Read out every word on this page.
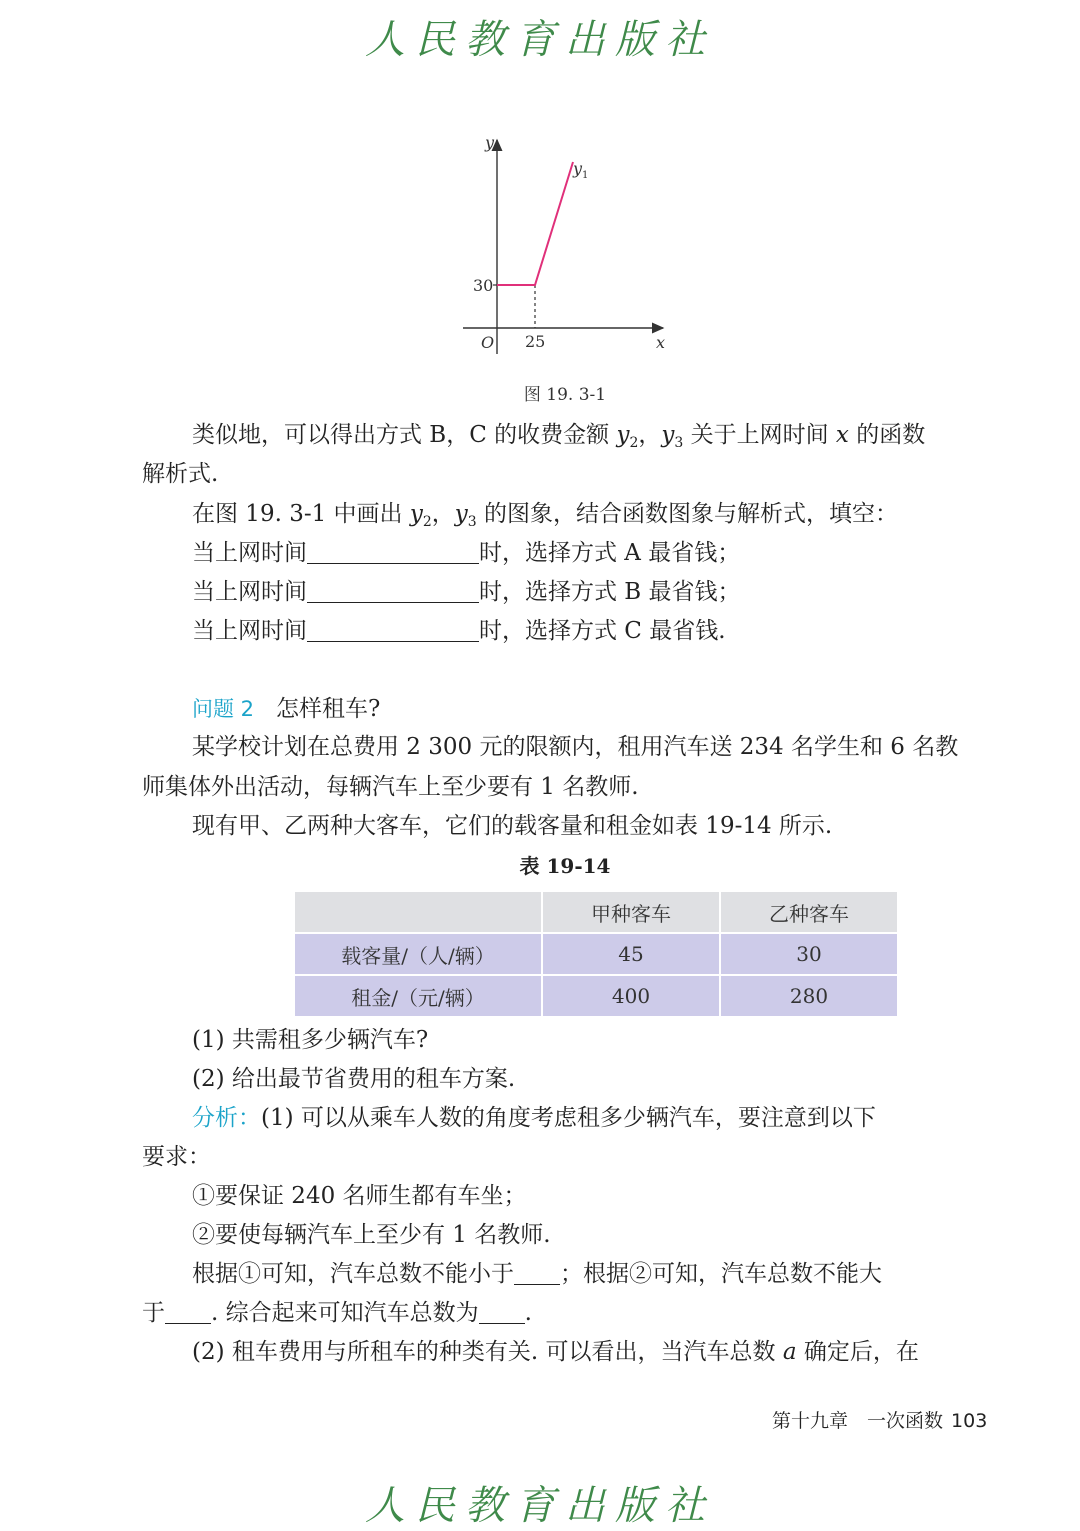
人民教育出版社
人民教育出版社
y
x
O
$y_1$
30
25
图 19. 3-1
类似地，可以得出方式 B，C 的收费金额 $y_2$，$y_3$ 关于上网时间 x 的函数
解析式.
在图 19. 3-1 中画出 $y_2$，$y_3$ 的图象，结合函数图象与解析式，填空：
当上网时间	时，选择方式 A 最省钱；
当上网时间	时，选择方式 B 最省钱；
当上网时间	时，选择方式 C 最省钱.
问题 2 怎样租车?
某学校计划在总费用 2 300 元的限额内，租用汽车送 234 名学生和 6 名教
师集体外出活动，每辆汽车上至少要有 1 名教师.
现有甲、乙两种大客车，它们的载客量和租金如表 19-14 所示.
表 19-14
	甲种客车	乙种客车
载客量/（人/辆）	45	30
租金/（元/辆）	400	280
(1) 共需租多少辆汽车?
(2) 给出最节省费用的租车方案.
分析：(1) 可以从乘车人数的角度考虑租多少辆汽车，要注意到以下
要求：
①要保证 240 名师生都有车坐；
②要使每辆汽车上至少有 1 名教师.
根据①可知，汽车总数不能小于 ；根据②可知，汽车总数不能大
于 . 综合起来可知汽车总数为 .
(2) 租车费用与所租车的种类有关. 可以看出，当汽车总数 a 确定后，在
第十九章　一次函数 103
